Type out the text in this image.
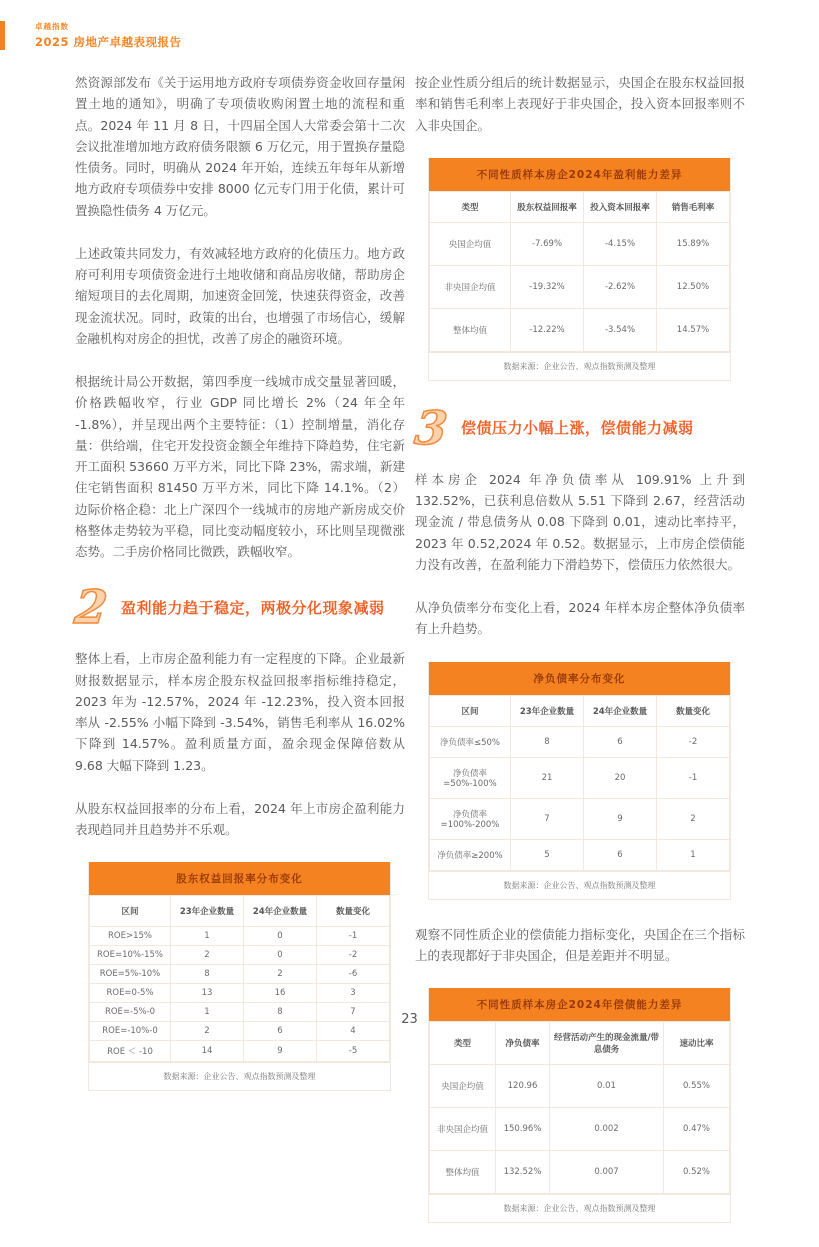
卓越指数
2025 房地产卓越表现报告

然资源部发布《关于运用地方政府专项债券资金收回存量闲置土地的通知》，明确了专项债收购闲置土地的流程和重点。2024 年 11 月 8 日，十四届全国人大常委会第十二次会议批准增加地方政府债务限额 6 万亿元，用于置换存量隐性债务。同时，明确从 2024 年开始，连续五年每年从新增地方政府专项债券中安排 8000 亿元专门用于化债，累计可置换隐性债务 4 万亿元。

上述政策共同发力，有效减轻地方政府的化债压力。地方政府可利用专项债资金进行土地收储和商品房收储，帮助房企缩短项目的去化周期，加速资金回笼，快速获得资金，改善现金流状况。同时，政策的出台，也增强了市场信心，缓解金融机构对房企的担忧，改善了房企的融资环境。

根据统计局公开数据，第四季度一线城市成交量显著回暖，价格跌幅收窄，行业 GDP 同比增长 2%（24 年全年 -1.8%），并呈现出两个主要特征：（1）控制增量，消化存量：供给端，住宅开发投资金额全年维持下降趋势，住宅新开工面积 53660 万平方米，同比下降 23%，需求端，新建住宅销售面积 81450 万平方米，同比下降 14.1%。（2）边际价格企稳：北上广深四个一线城市的房地产新房成交价格整体走势较为平稳，同比变动幅度较小，环比则呈现微涨态势。二手房价格同比微跌，跌幅收窄。

2 盈利能力趋于稳定，两极分化现象减弱

整体上看，上市房企盈利能力有一定程度的下降。企业最新财报数据显示，样本房企股东权益回报率指标维持稳定，2023 年为 -12.57%，2024 年 -12.23%，投入资本回报率从 -2.55% 小幅下降到 -3.54%，销售毛利率从 16.02% 下降到 14.57%。盈利质量方面，盈余现金保障倍数从 9.68 大幅下降到 1.23。

从股东权益回报率的分布上看，2024 年上市房企盈利能力表现趋同并且趋势并不乐观。

股东权益回报率分布变化
区间	23年企业数量	24年企业数量	数量变化
ROE>15%	1	0	-1
ROE=10%-15%	2	0	-2
ROE=5%-10%	8	2	-6
ROE=0-5%	13	16	3
ROE=-5%-0	1	8	7
ROE=-10%-0	2	6	4
ROE ＜ -10	14	9	-5
数据来源：企业公告、观点指数预测及整理

按企业性质分组后的统计数据显示，央国企在股东权益回报率和销售毛利率上表现好于非央国企，投入资本回报率则不入非央国企。

不同性质样本房企2024年盈利能力差异
类型	股东权益回报率	投入资本回报率	销售毛利率
央国企均值	-7.69%	-4.15%	15.89%
非央国企均值	-19.32%	-2.62%	12.50%
整体均值	-12.22%	-3.54%	14.57%
数据来源：企业公告、观点指数预测及整理
3 偿债压力小幅上涨，偿债能力减弱

样本房企 2024 年净负债率从 109.91% 上升到 132.52%，已获利息倍数从 5.51 下降到 2.67，经营活动现金流 / 带息债务从 0.08 下降到 0.01，速动比率持平，2023 年 0.52,2024 年 0.52。数据显示，上市房企偿债能力没有改善，在盈利能力下滑趋势下，偿债压力依然很大。

从净负债率分布变化上看，2024 年样本房企整体净负债率有上升趋势。

净负债率分布变化
区间	23年企业数量	24年企业数量	数量变化
净负债率≤50%	8	6	-2
净负债率=50%-100%	21	20	-1
净负债率=100%-200%	7	9	2
净负债率≥200%	5	6	1
数据来源：企业公告、观点指数预测及整理

观察不同性质企业的偿债能力指标变化，央国企在三个指标上的表现都好于非央国企，但是差距并不明显。

不同性质样本房企2024年偿债能力差异
类型	净负债率	经营活动产生的现金流量/带息债务	速动比率
央国企均值	120.96	0.01	0.55%
非央国企均值	150.96%	0.002	0.47%
整体均值	132.52%	0.007	0.52%
数据来源：企业公告、观点指数预测及整理
23
